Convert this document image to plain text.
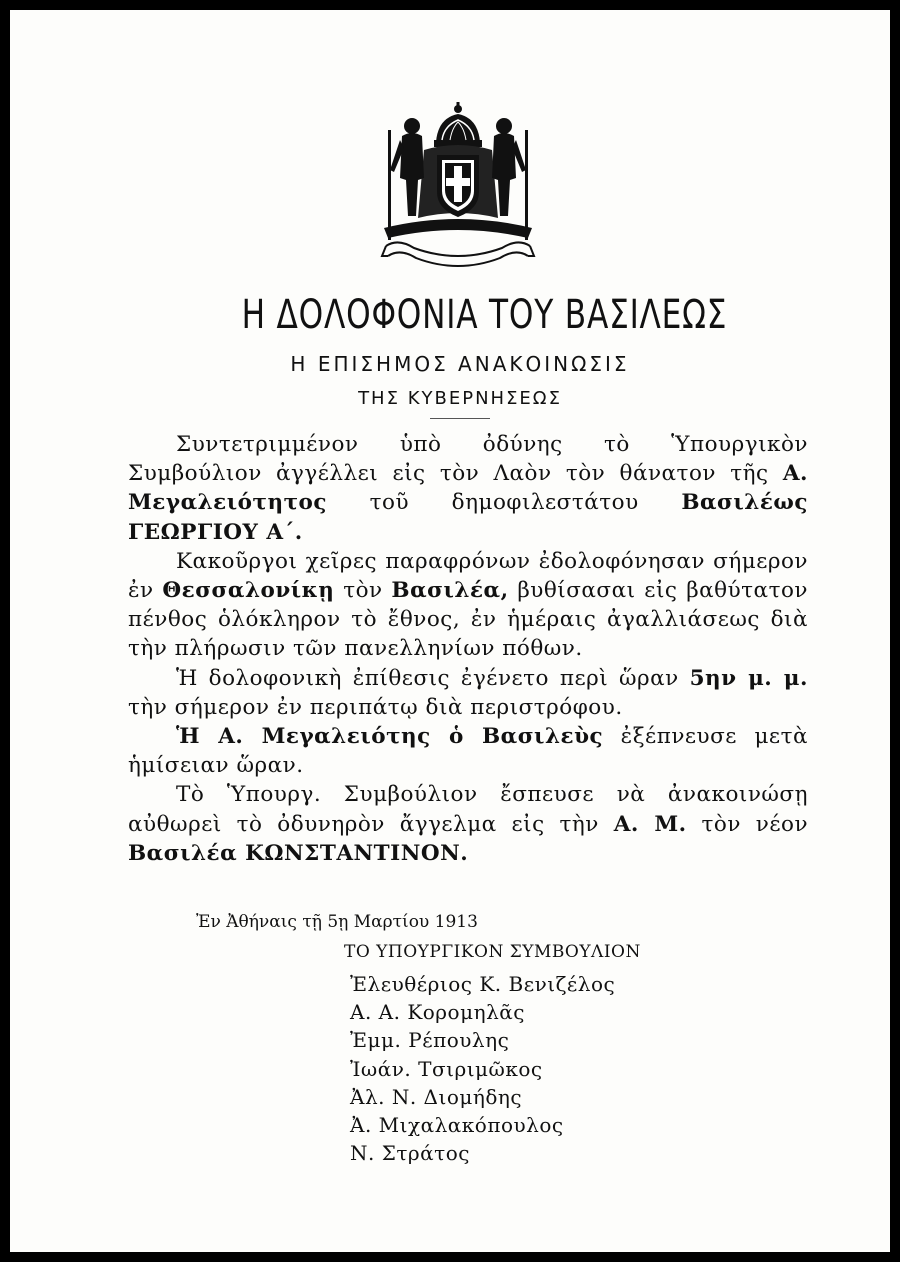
Η ΔΟΛΟΦΟΝΙΑ ΤΟΥ ΒΑΣΙΛΕΩΣ
Η ΕΠΙΣΗΜΟΣ ΑΝΑΚΟΙΝΩΣΙΣ
ΤΗΣ ΚΥΒΕΡΝΗΣΕΩΣ

Συντετριμμένον ὑπὸ ὀδύνης τὸ Ὑπουργικὸν Συμβούλιον ἀγγέλλει εἰς τὸν Λαὸν τὸν θάνατον τῆς Α. Μεγαλειότητος τοῦ δημοφιλεστάτου Βασιλέως ΓΕΩΡΓΙΟΥ Α΄.

Κακοῦργοι χεῖρες παραφρόνων ἐδολοφόνησαν σήμερον ἐν Θεσσαλονίκῃ τὸν Βασιλέα, βυθίσασαι εἰς βαθύτατον πένθος ὁλόκληρον τὸ ἔθνος, ἐν ἡμέραις ἀγαλλιάσεως διὰ τὴν πλήρωσιν τῶν πανελληνίων πόθων.

Ἡ δολοφονικὴ ἐπίθεσις ἐγένετο περὶ ὥραν 5ην μ. μ. τὴν σήμερον ἐν περιπάτῳ διὰ περιστρόφου.

Ἡ Α. Μεγαλειότης ὁ Βασιλεὺς ἐξέπνευσε μετὰ ἡμίσειαν ὥραν.

Τὸ Ὑπουργ. Συμβούλιον ἔσπευσε νὰ ἀνακοινώσῃ αὐθωρεὶ τὸ ὀδυνηρὸν ἄγγελμα εἰς τὴν Α. Μ. τὸν νέον Βασιλέα ΚΩΝΣΤΑΝΤΙΝΟΝ.

Ἐν Ἀθήναις τῇ 5ῃ Μαρτίου 1913
ΤΟ ΥΠΟΥΡΓΙΚΟΝ ΣΥΜΒΟΥΛΙΟΝ
Ἐλευθέριος Κ. Βενιζέλος
Α. Α. Κορομηλᾶς
Ἐμμ. Ρέπουλης
Ἰωάν. Τσιριμῶκος
Ἀλ. Ν. Διομήδης
Ἀ. Μιχαλακόπουλος
Ν. Στράτος
